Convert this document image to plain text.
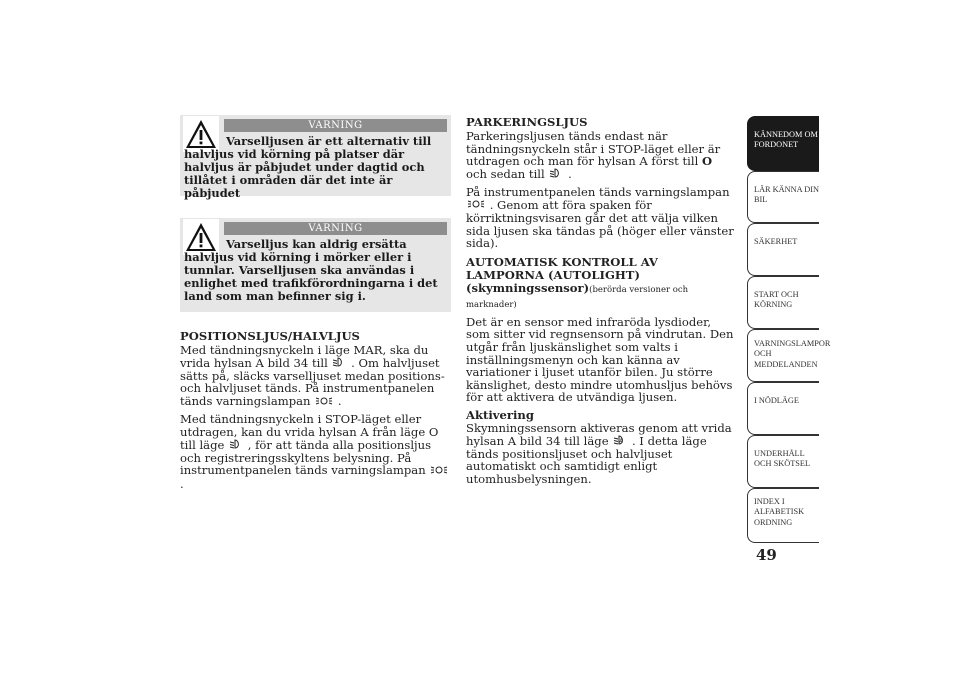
VARNING
Varselljusen är ett alternativ till halvljus vid körning på platser där halvljus är påbjudet under dagtid och tillåtet i områden där det inte är påbjudet
VARNING
Varselljus kan aldrig ersätta halvljus vid körning i mörker eller i tunnlar. Varselljusen ska användas i enlighet med trafikförordningarna i det land som man befinner sig i.
POSITIONSLJUS/HALVLJUS

Med tändningsnyckeln i läge MAR, ska du vrida hylsan A bild 34 till . Om halvljuset sätts på, släcks varselljuset medan positions- och halvljuset tänds. På instrumentpanelen tänds varningslampan .

Med tändningsnyckeln i STOP-läget eller utdragen, kan du vrida hylsan A från läge O till läge , för att tända alla positionsljus och registreringsskyltens belysning. På instrumentpanelen tänds varningslampan  .

PARKERINGSLJUS

Parkeringsljusen tänds endast när tändningsnyckeln står i STOP-läget eller är utdragen och man för hylsan A först till O och sedan till .

På instrumentpanelen tänds varningslampan  . Genom att föra spaken för körriktningsvisaren går det att välja vilken sida ljusen ska tändas på (höger eller vänster sida).

AUTOMATISK KONTROLL AV LAMPORNA (AUTOLIGHT) (skymningssensor)(berörda versioner och marknader)

Det är en sensor med infraröda lysdioder, som sitter vid regnsensorn på vindrutan. Den utgår från ljuskänslighet som valts i inställningsmenyn och kan känna av variationer i ljuset utanför bilen. Ju större känslighet, desto mindre utomhusljus behövs för att aktivera de utvändiga ljusen.

Aktivering

Skymningssensorn aktiveras genom att vrida hylsan A bild 34 till läge A . I detta läge tänds positionsljuset och halvljuset automatiskt och samtidigt enligt utomhusbelysningen.

KÄNNEDOM OM FORDONET
LÄR KÄNNA DIN BIL
SÄKERHET
START OCH KÖRNING
VARNINGSLAMPOR OCH MEDDELANDEN
I NÖDLÄGE
UNDERHÅLL OCH SKÖTSEL
INDEX I ALFABETISK ORDNING
49
